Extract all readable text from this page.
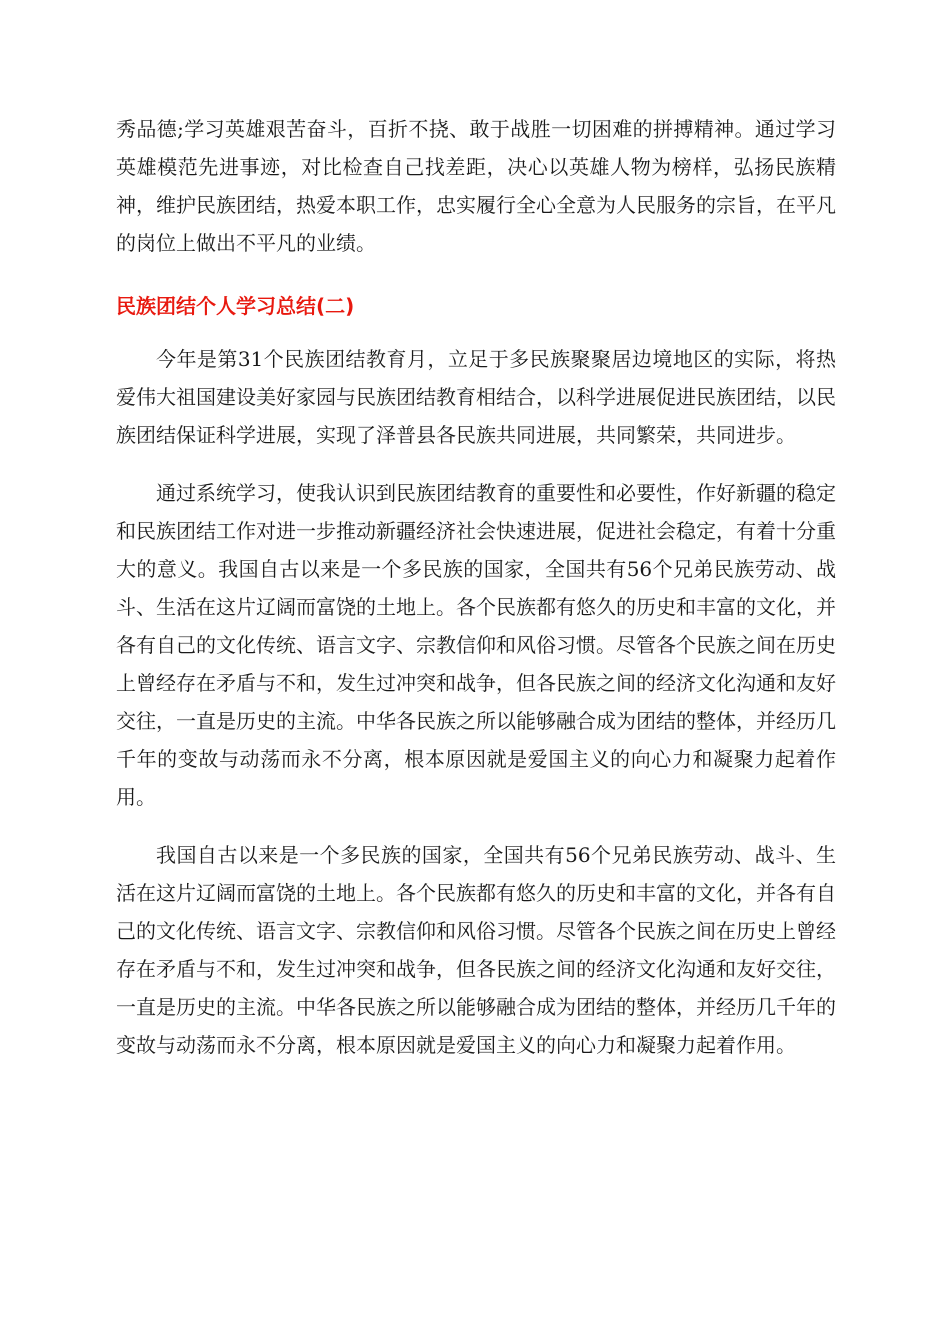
秀品德;学习英雄艰苦奋斗，百折不挠、敢于战胜一切困难的拼搏精神。通过学习英雄模范先进事迹，对比检查自己找差距，决心以英雄人物为榜样，弘扬民族精神，维护民族团结，热爱本职工作，忠实履行全心全意为人民服务的宗旨，在平凡的岗位上做出不平凡的业绩。

民族团结个人学习总结(二)

今年是第31个民族团结教育月，立足于多民族聚聚居边境地区的实际，将热爱伟大祖国建设美好家园与民族团结教育相结合，以科学进展促进民族团结，以民族团结保证科学进展，实现了泽普县各民族共同进展，共同繁荣，共同进步。

通过系统学习，使我认识到民族团结教育的重要性和必要性，作好新疆的稳定和民族团结工作对进一步推动新疆经济社会快速进展，促进社会稳定，有着十分重大的意义。我国自古以来是一个多民族的国家，全国共有56个兄弟民族劳动、战斗、生活在这片辽阔而富饶的土地上。各个民族都有悠久的历史和丰富的文化，并各有自己的文化传统、语言文字、宗教信仰和风俗习惯。尽管各个民族之间在历史上曾经存在矛盾与不和，发生过冲突和战争，但各民族之间的经济文化沟通和友好交往，一直是历史的主流。中华各民族之所以能够融合成为团结的整体，并经历几千年的变故与动荡而永不分离，根本原因就是爱国主义的向心力和凝聚力起着作用。

我国自古以来是一个多民族的国家，全国共有56个兄弟民族劳动、战斗、生活在这片辽阔而富饶的土地上。各个民族都有悠久的历史和丰富的文化，并各有自己的文化传统、语言文字、宗教信仰和风俗习惯。尽管各个民族之间在历史上曾经存在矛盾与不和，发生过冲突和战争，但各民族之间的经济文化沟通和友好交往，一直是历史的主流。中华各民族之所以能够融合成为团结的整体，并经历几千年的变故与动荡而永不分离，根本原因就是爱国主义的向心力和凝聚力起着作用。
